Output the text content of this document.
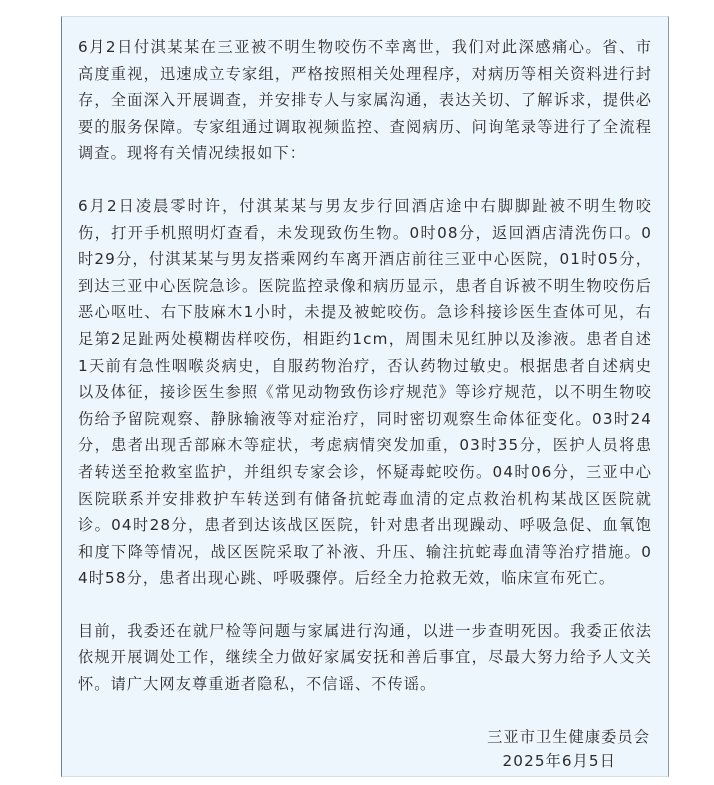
6月2日付淇某某在三亚被不明生物咬伤不幸离世，我们对此深感痛心。省、市高度重视，迅速成立专家组，严格按照相关处理程序，对病历等相关资料进行封存，全面深入开展调查，并安排专人与家属沟通，表达关切、了解诉求，提供必要的服务保障。专家组通过调取视频监控、查阅病历、问询笔录等进行了全流程调查。现将有关情况续报如下：

6月2日凌晨零时许，付淇某某与男友步行回酒店途中右脚脚趾被不明生物咬伤，打开手机照明灯查看，未发现致伤生物。0时08分，返回酒店清洗伤口。0时29分，付淇某某与男友搭乘网约车离开酒店前往三亚中心医院，01时05分，到达三亚中心医院急诊。医院监控录像和病历显示，患者自诉被不明生物咬伤后恶心呕吐、右下肢麻木1小时，未提及被蛇咬伤。急诊科接诊医生查体可见，右足第2足趾两处模糊齿样咬伤，相距约1cm，周围未见红肿以及渗液。患者自述1天前有急性咽喉炎病史，自服药物治疗，否认药物过敏史。根据患者自述病史以及体征，接诊医生参照《常见动物致伤诊疗规范》等诊疗规范，以不明生物咬伤给予留院观察、静脉输液等对症治疗，同时密切观察生命体征变化。03时24分，患者出现舌部麻木等症状，考虑病情突发加重，03时35分，医护人员将患者转送至抢救室监护，并组织专家会诊，怀疑毒蛇咬伤。04时06分，三亚中心医院联系并安排救护车转送到有储备抗蛇毒血清的定点救治机构某战区医院就诊。04时28分，患者到达该战区医院，针对患者出现躁动、呼吸急促、血氧饱和度下降等情况，战区医院采取了补液、升压、输注抗蛇毒血清等治疗措施。04时58分，患者出现心跳、呼吸骤停。后经全力抢救无效，临床宣布死亡。

目前，我委还在就尸检等问题与家属进行沟通，以进一步查明死因。我委正依法依规开展调处工作，继续全力做好家属安抚和善后事宜，尽最大努力给予人文关怀。请广大网友尊重逝者隐私，不信谣、不传谣。

三亚市卫生健康委员会
2025年6月5日
